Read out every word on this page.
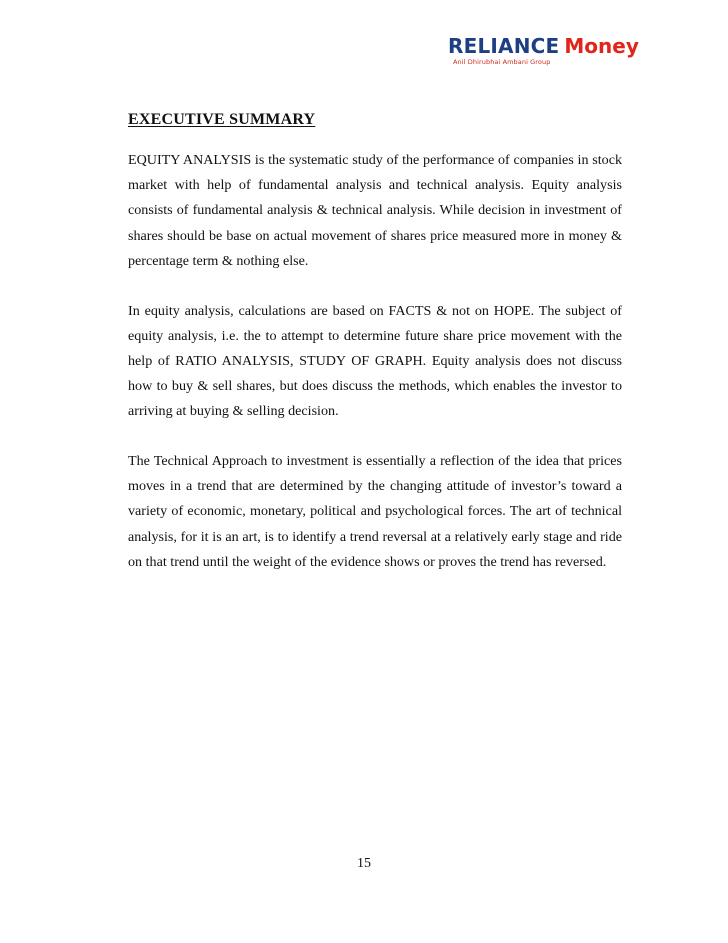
RELIANCE Money
Anil Dhirubhai Ambani Group
EXECUTIVE SUMMARY

EQUITY ANALYSIS is the systematic study of the performance of companies in stock market with help of fundamental analysis and technical analysis. Equity analysis consists of fundamental analysis & technical analysis. While decision in investment of shares should be base on actual movement of shares price measured more in money & percentage term & nothing else.

In equity analysis, calculations are based on FACTS & not on HOPE. The subject of equity analysis, i.e. the to attempt to determine future share price movement with the help of RATIO ANALYSIS, STUDY OF GRAPH. Equity analysis does not discuss how to buy & sell shares, but does discuss the methods, which enables the investor to arriving at buying & selling decision.

The Technical Approach to investment is essentially a reflection of the idea that prices moves in a trend that are determined by the changing attitude of investor’s toward a variety of economic, monetary, political and psychological forces. The art of technical analysis, for it is an art, is to identify a trend reversal at a relatively early stage and ride on that trend until the weight of the evidence shows or proves the trend has reversed.

15
